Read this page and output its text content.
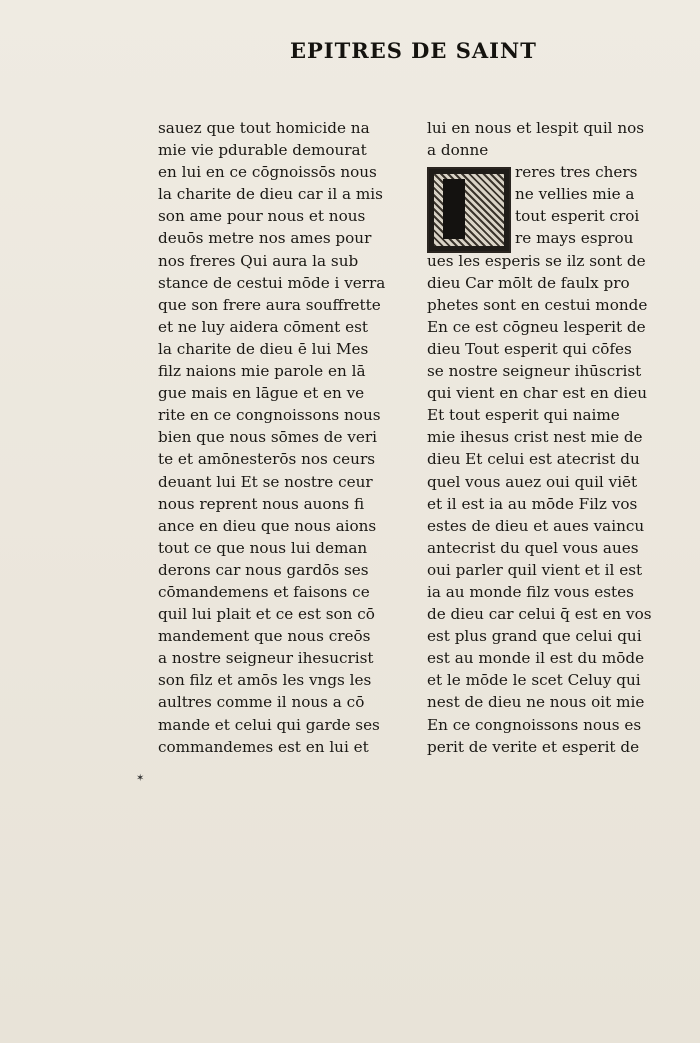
EPITRES DE SAINT
sauez que tout homicide na
mie vie pdurable demourat
en lui en ce cōgnoissōs nous
la charite de dieu car il a mis
son ame pour nous et nous
deuōs metre nos ames pour
nos freres Qui aura la sub
stance de cestui mōde i verra
que son frere aura souffrette
et ne luy aidera cōment est
la charite de dieu ē lui Mes
filz naions mie parole en lā
gue mais en lāgue et en ve
rite en ce congnoissons nous
bien que nous sōmes de veri
te et amōnesterōs nos ceurs
deuant lui Et se nostre ceur
nous reprent nous auons fi
ance en dieu que nous aions
tout ce que nous lui deman
derons car nous gardōs ses
cōmandemens et faisons ce
quil lui plait et ce est son cō
mandement que nous creōs
a nostre seigneur ihesucrist
son filz et amōs les vngs les
aultres comme il nous a cō
mande et celui qui garde ses
commandemes est en lui et
lui en nous et lespit quil nos
a donne
reres tres chers
ne vellies mie a
tout esperit croi
re mays esprou
ues les esperis se ilz sont de
dieu Car mōlt de faulx pro
phetes sont en cestui monde
En ce est cōgneu lesperit de
dieu Tout esperit qui cōfes
se nostre seigneur ihūscrist
qui vient en char est en dieu
Et tout esperit qui naime
mie ihesus crist nest mie de
dieu Et celui est atecrist du
quel vous auez oui quil viēt
et il est ia au mōde Filz vos
estes de dieu et aues vaincu
antecrist du quel vous aues
oui parler quil vient et il est
ia au monde filz vous estes
de dieu car celui q̄ est en vos
est plus grand que celui qui
est au monde il est du mōde
et le mōde le scet Celuy qui
nest de dieu ne nous oit mie
En ce congnoissons nous es
perit de verite et esperit de
✶
